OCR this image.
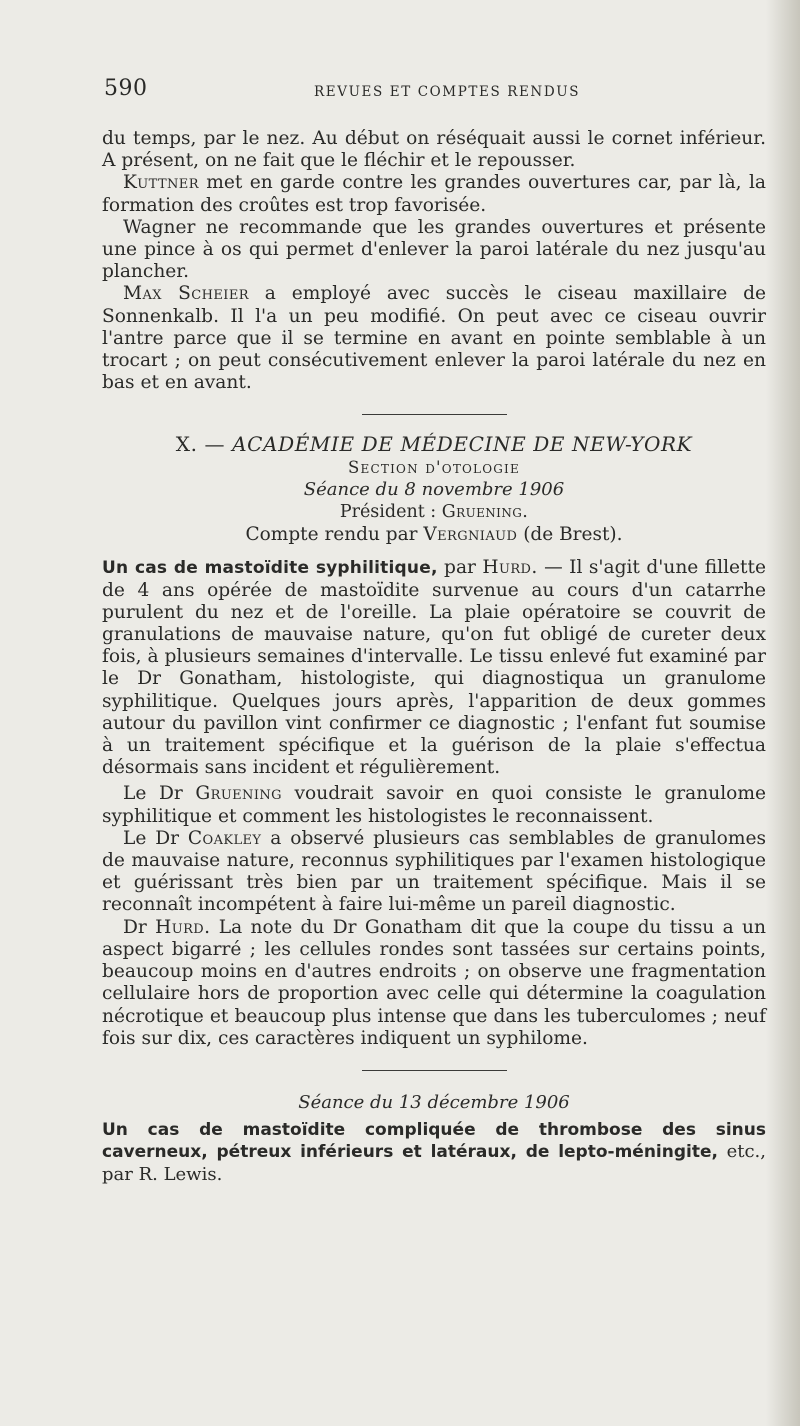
590	REVUES ET COMPTES RENDUS

du temps, par le nez. Au début on réséquait aussi le cornet inférieur. A présent, on ne fait que le fléchir et le repousser.

Kuttner met en garde contre les grandes ouvertures car, par là, la formation des croûtes est trop favorisée.

Wagner ne recommande que les grandes ouvertures et présente une pince à os qui permet d'enlever la paroi latérale du nez jusqu'au plancher.

Max Scheier a employé avec succès le ciseau maxillaire de Sonnenkalb. Il l'a un peu modifié. On peut avec ce ciseau ouvrir l'antre parce que il se termine en avant en pointe semblable à un trocart ; on peut consécutivement enlever la paroi latérale du nez en bas et en avant.

X. — ACADÉMIE DE MÉDECINE DE NEW-YORK

Section d'otologie

Séance du 8 novembre 1906

Président : Gruening.

Compte rendu par Vergniaud (de Brest).

Un cas de mastoïdite syphilitique, par Hurd. — Il s'agit d'une fillette de 4 ans opérée de mastoïdite survenue au cours d'un catarrhe purulent du nez et de l'oreille. La plaie opératoire se couvrit de granulations de mauvaise nature, qu'on fut obligé de cureter deux fois, à plusieurs semaines d'intervalle. Le tissu enlevé fut examiné par le Dr Gonatham, histologiste, qui diagnostiqua un granulome syphilitique. Quelques jours après, l'apparition de deux gommes autour du pavillon vint confirmer ce diagnostic ; l'enfant fut soumise à un traitement spécifique et la guérison de la plaie s'effectua désormais sans incident et régulièrement.

Le Dr Gruening voudrait savoir en quoi consiste le granulome syphilitique et comment les histologistes le reconnaissent.

Le Dr Coakley a observé plusieurs cas semblables de granulomes de mauvaise nature, reconnus syphilitiques par l'examen histologique et guérissant très bien par un traitement spécifique. Mais il se reconnaît incompétent à faire lui-même un pareil diagnostic.

Dr Hurd. La note du Dr Gonatham dit que la coupe du tissu a un aspect bigarré ; les cellules rondes sont tassées sur certains points, beaucoup moins en d'autres endroits ; on observe une fragmentation cellulaire hors de proportion avec celle qui détermine la coagulation nécrotique et beaucoup plus intense que dans les tuberculomes ; neuf fois sur dix, ces caractères indiquent un syphilome.

Séance du 13 décembre 1906

Un cas de mastoïdite compliquée de thrombose des sinus caverneux, pétreux inférieurs et latéraux, de lepto-méningite, etc., par R. Lewis.
